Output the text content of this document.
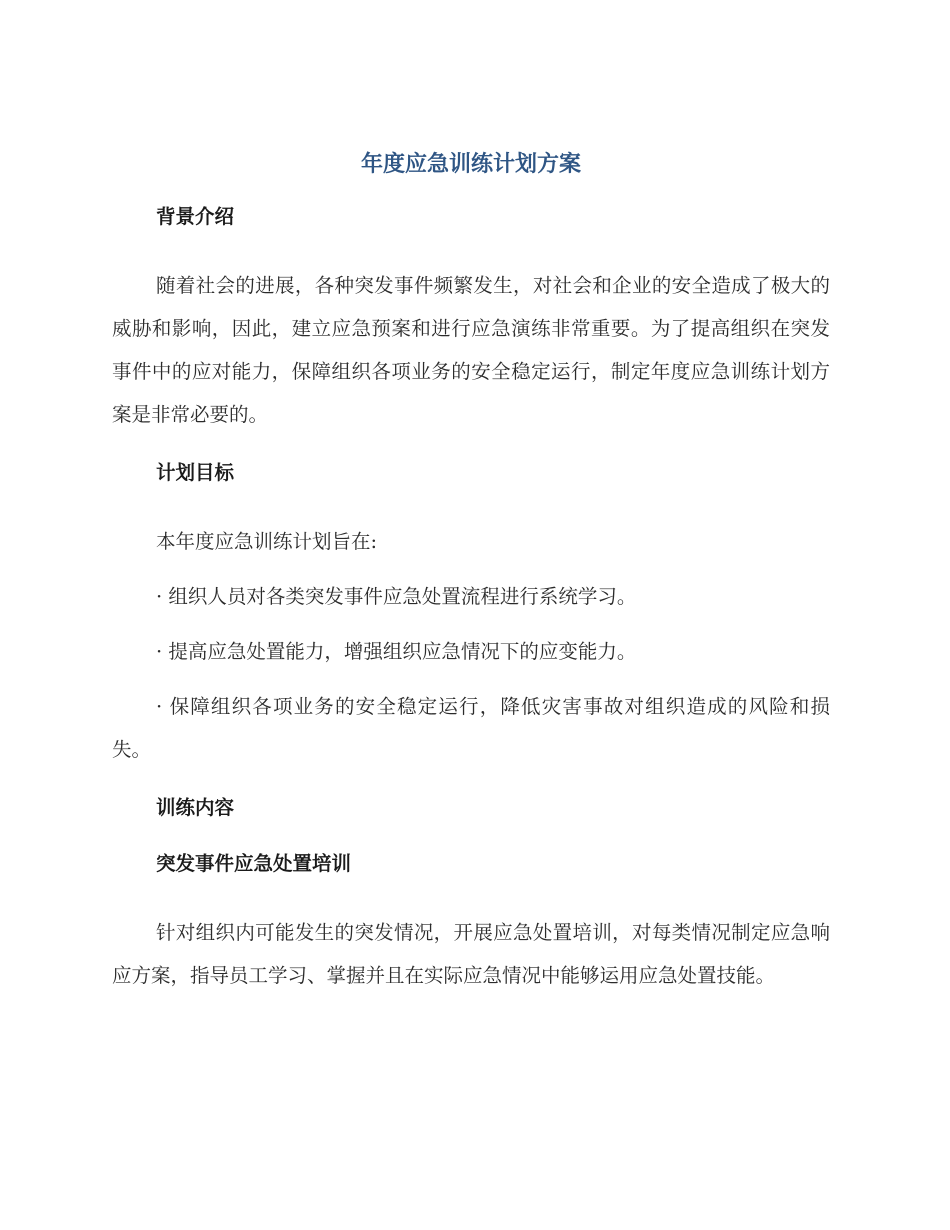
年度应急训练计划方案
背景介绍

随着社会的进展，各种突发事件频繁发生，对社会和企业的安全造成了极大的威胁和影响，因此，建立应急预案和进行应急演练非常重要。为了提高组织在突发事件中的应对能力，保障组织各项业务的安全稳定运行，制定年度应急训练计划方案是非常必要的。

计划目标

本年度应急训练计划旨在:

· 组织人员对各类突发事件应急处置流程进行系统学习。

· 提高应急处置能力，增强组织应急情况下的应变能力。

· 保障组织各项业务的安全稳定运行，降低灾害事故对组织造成的风险和损失。

训练内容
突发事件应急处置培训

针对组织内可能发生的突发情况，开展应急处置培训，对每类情况制定应急响应方案，指导员工学习、掌握并且在实际应急情况中能够运用应急处置技能。
